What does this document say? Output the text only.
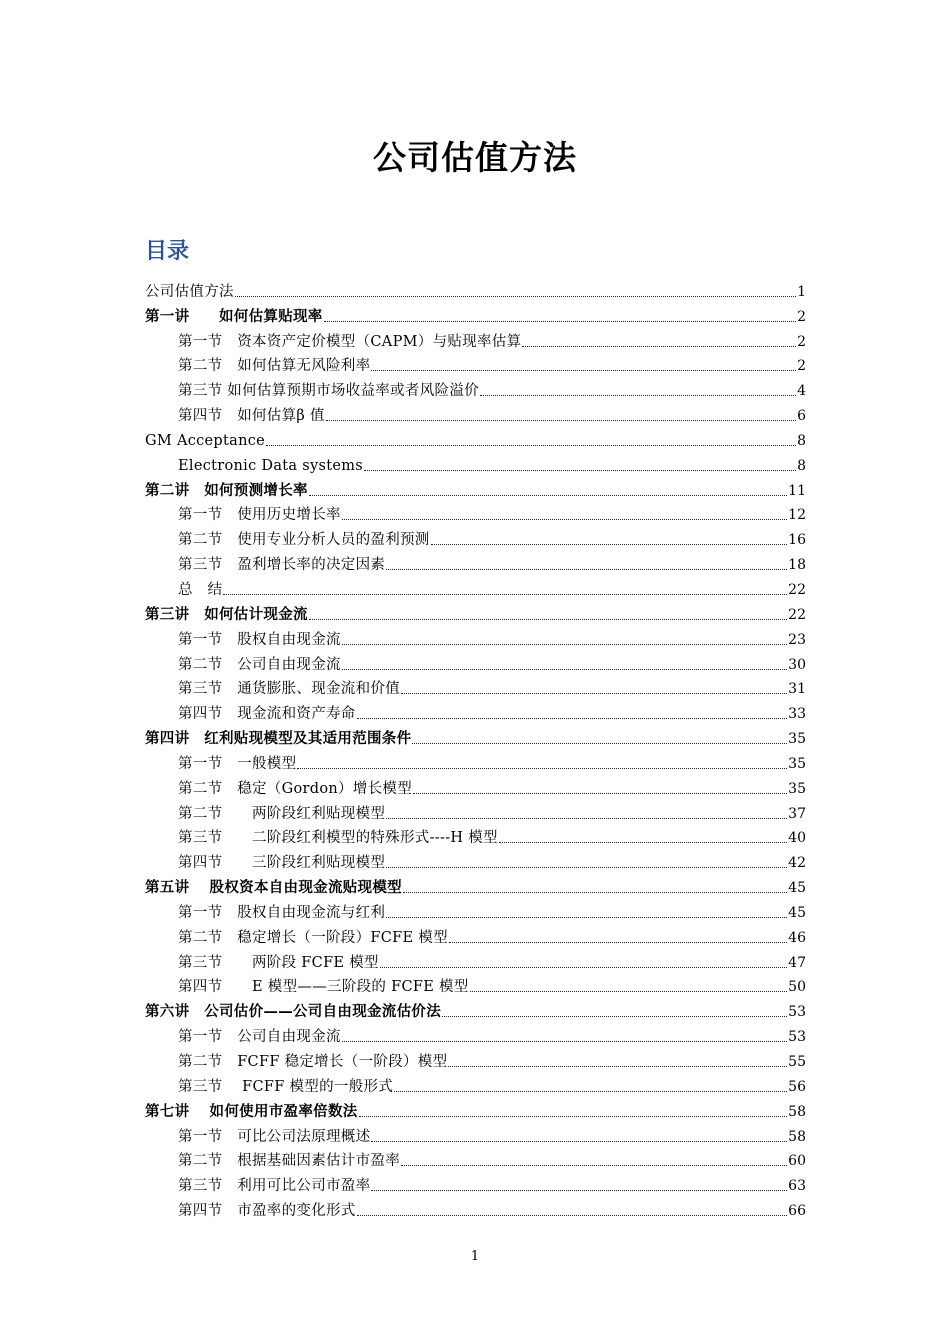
公司估值方法
目录
公司估值方法	1
第一讲　　如何估算贴现率	2
第一节　资本资产定价模型（CAPM）与贴现率估算	2
第二节　如何估算无风险利率	2
第三节 如何估算预期市场收益率或者风险溢价	4
第四节　如何估算β 值	6
GM Acceptance	8
Electronic Data systems	8
第二讲　如何预测增长率	11
第一节　使用历史增长率	12
第二节　使用专业分析人员的盈利预测	16
第三节　盈利增长率的决定因素	18
总　结	22
第三讲　如何估计现金流	22
第一节　股权自由现金流	23
第二节　公司自由现金流	30
第三节　通货膨胀、现金流和价值	31
第四节　现金流和资产寿命	33
第四讲　红利贴现模型及其适用范围条件	35
第一节　一般模型	35
第二节　稳定（Gordon）增长模型	35
第二节　　两阶段红利贴现模型	37
第三节　　二阶段红利模型的特殊形式----H 模型	40
第四节　　三阶段红利贴现模型	42
第五讲　 股权资本自由现金流贴现模型	45
第一节　股权自由现金流与红利	45
第二节　稳定增长（一阶段）FCFE 模型	46
第三节　　两阶段 FCFE 模型	47
第四节　　E 模型——三阶段的 FCFE 模型	50
第六讲　公司估价——公司自由现金流估价法	53
第一节　公司自由现金流	53
第二节　FCFF 稳定增长（一阶段）模型	55
第三节　 FCFF 模型的一般形式	56
第七讲　 如何使用市盈率倍数法	58
第一节　可比公司法原理概述	58
第二节　根据基础因素估计市盈率	60
第三节　利用可比公司市盈率	63
第四节　市盈率的变化形式	66
1
